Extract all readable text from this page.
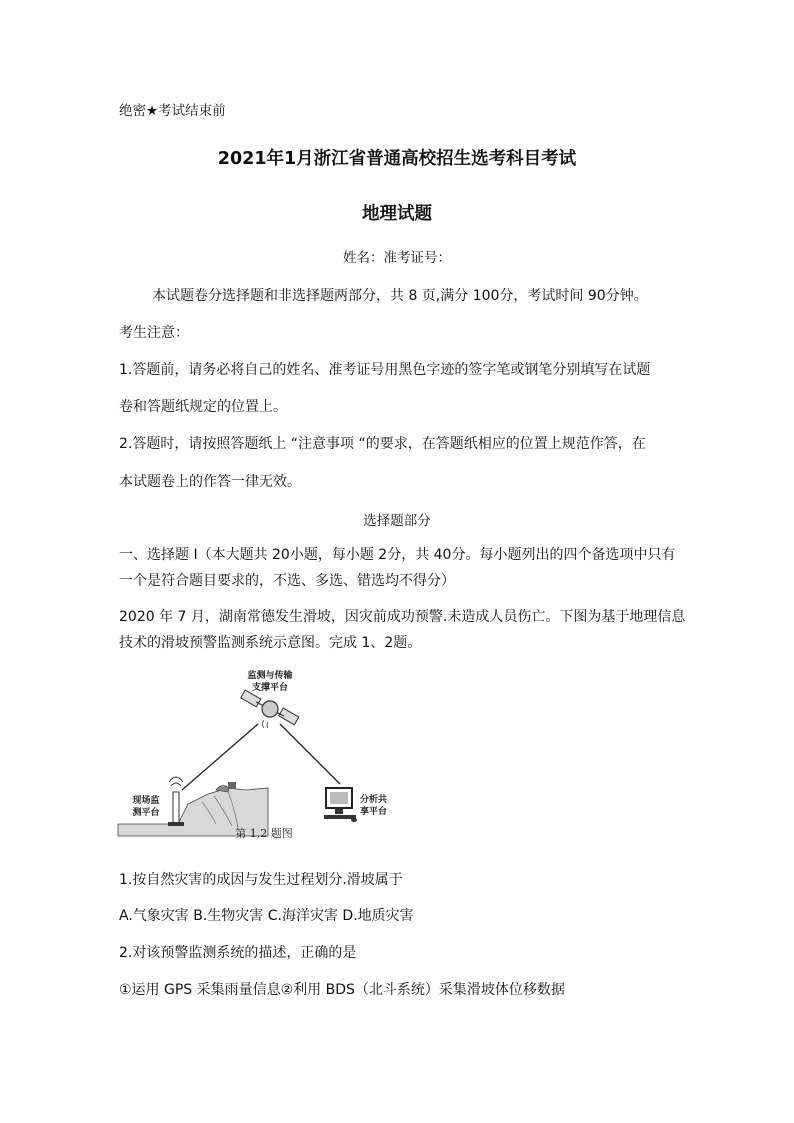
绝密★考试结束前
2021年1月浙江省普通高校招生选考科目考试
地理试题
姓名：准考证号：
本试题卷分选择题和非选择题两部分，共 8 页,满分 100分，考试时间 90分钟。
考生注意：
1.答题前，请务必将自己的姓名、准考证号用黑色字迹的签字笔或钢笔分别填写在试题
卷和答题纸规定的位置上。
2.答题时，请按照答题纸上 “注意事项 “的要求，在答题纸相应的位置上规范作答，在
本试题卷上的作答一律无效。
选择题部分
一、选择题 I（本大题共 20小题，每小题 2分，共 40分。每小题列出的四个备选项中只有
一个是符合题目要求的，不选、多选、错选均不得分）
2020 年 7 月，湖南常德发生滑坡，因灾前成功预警.未造成人员伤亡。下图为基于地理信息
技术的滑坡预警监测系统示意图。完成 1、2题。
监测与传输
支撑平台
现场监
测平台
分析共
享平台
第 1,2 题图
1.按自然灾害的成因与发生过程划分.滑坡属于
A.气象灾害 B.生物灾害 C.海洋灾害 D.地质灾害
2.对该预警监测系统的描述，正确的是
①运用 GPS 采集雨量信息②利用 BDS（北斗系统）采集滑坡体位移数据
